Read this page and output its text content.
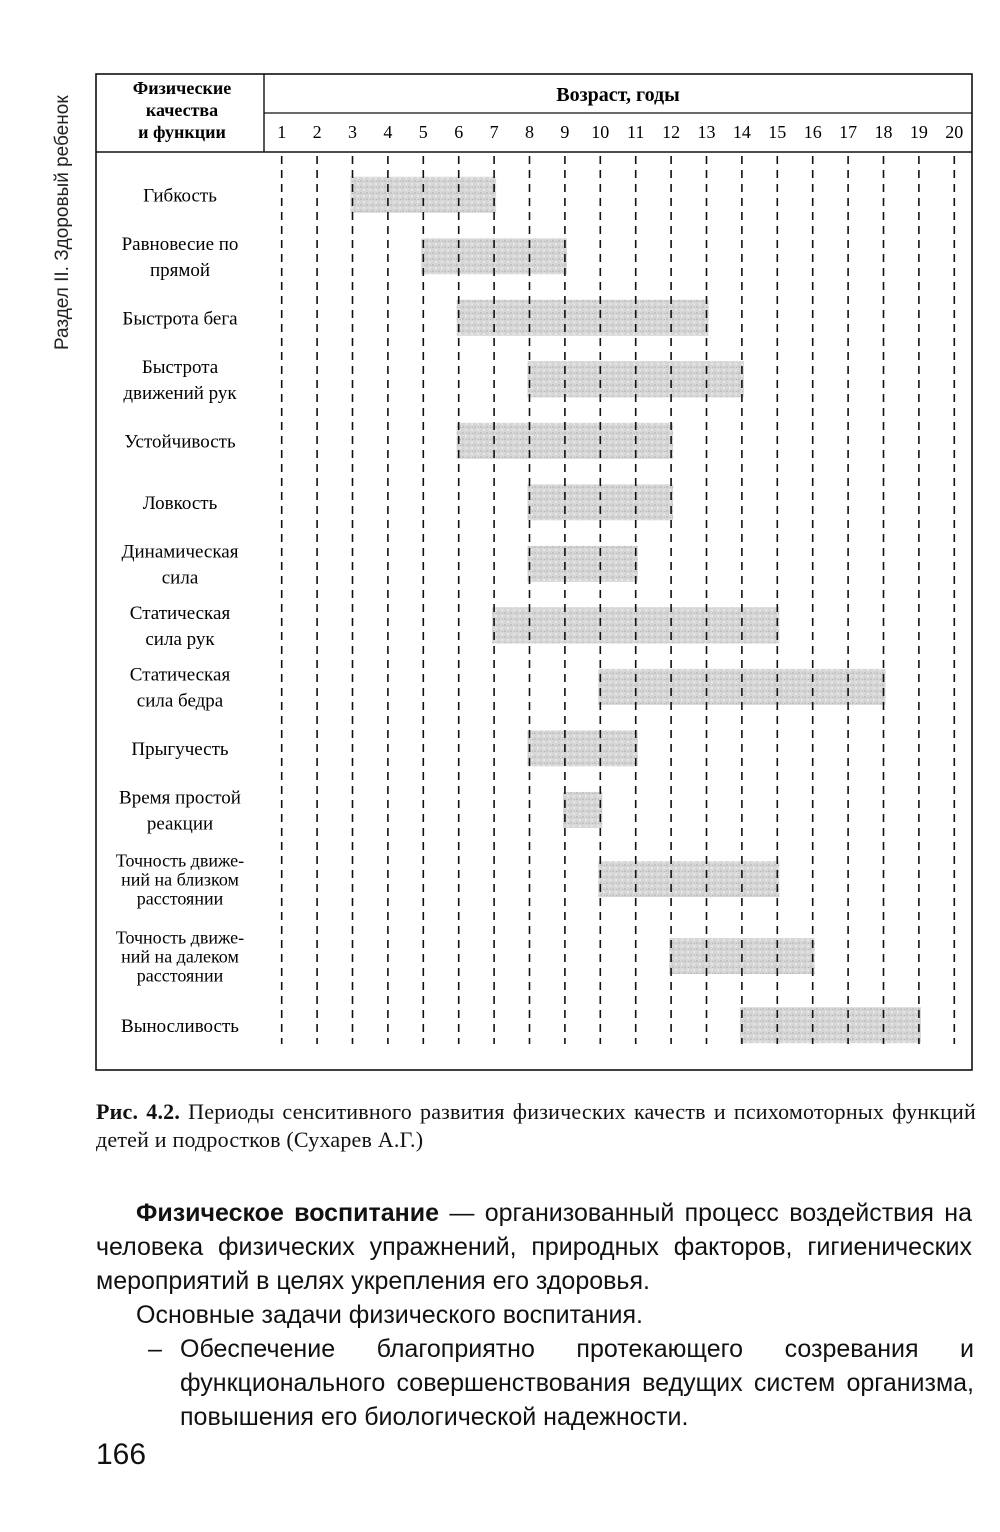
Раздел II. Здоровый ребенок
Физические
качества
и функции
Возраст, годы
1 2 3 4 5 6 7 8 9 10 11 12 13 14 15 16 17 18 19 20
Гибкость
Равновесие по
прямой
Быстрота бега
Быстрота
движений рук
Устойчивость
Ловкость
Динамическая
сила
Статическая
сила рук
Статическая
сила бедра
Прыгучесть
Время простой
реакции
Точность движе-
ний на близком
расстоянии
Точность движе-
ний на далеком
расстоянии
Выносливость
Рис. 4.2. Периоды сенситивного развития физических качеств и психомоторных функций детей и подростков (Сухарев А.Г.)
Физическое воспитание — организованный процесс воздействия на человека физических упражнений, природных факторов, гигиенических мероприятий в целях укрепления его здоровья.
Основные задачи физического воспитания.
– Обеспечение благоприятно протекающего созревания и функционального совершенствования ведущих систем организма, повышения его биологической надежности.
166
